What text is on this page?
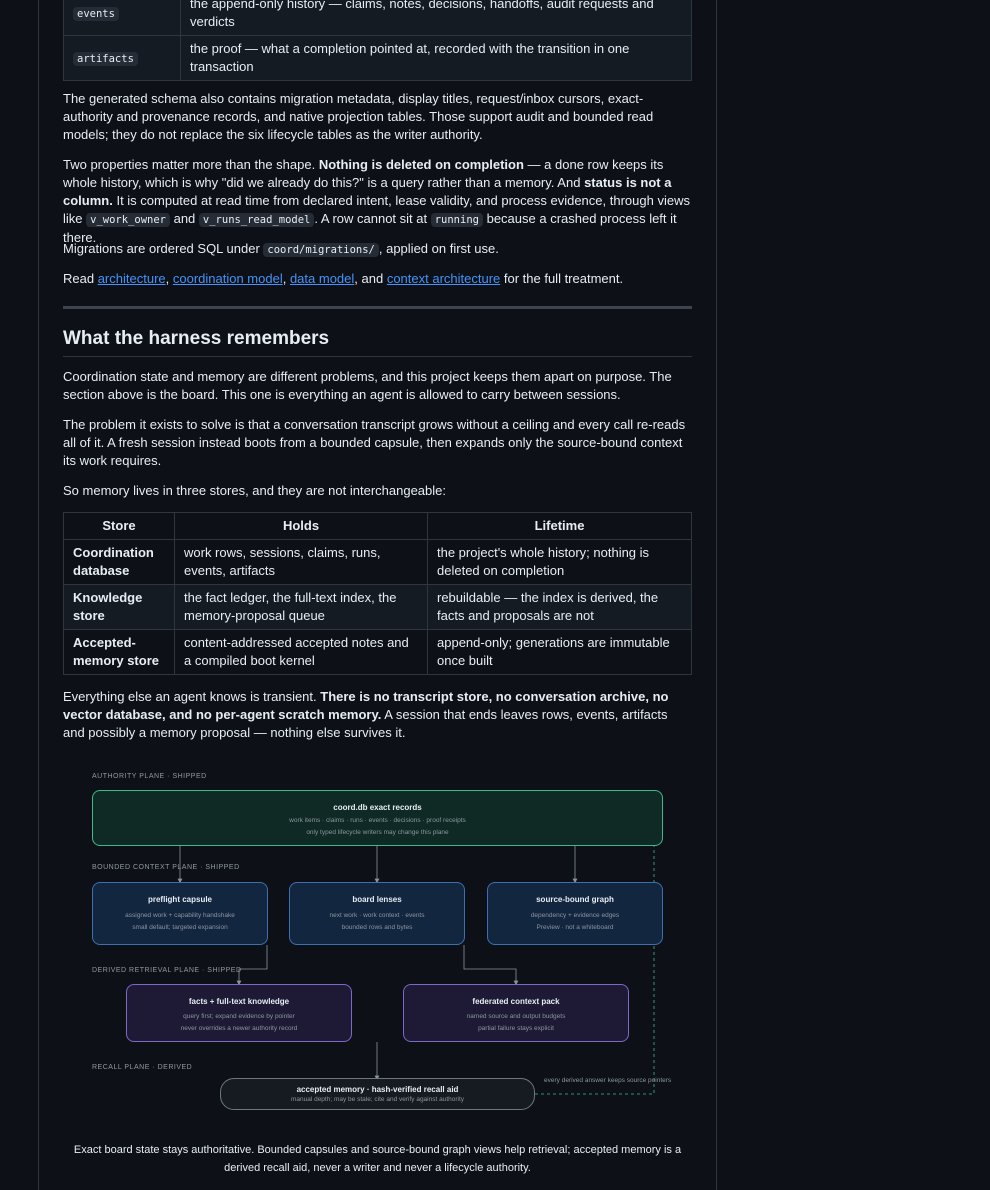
events	the append-only history — claims, notes, decisions, handoffs, audit requests and verdicts
artifacts	the proof — what a completion pointed at, recorded with the transition in one transaction

The generated schema also contains migration metadata, display titles, request/inbox cursors, exact-authority and provenance records, and native projection tables. Those support audit and bounded read models; they do not replace the six lifecycle tables as the writer authority.

Two properties matter more than the shape. Nothing is deleted on completion — a done row keeps its whole history, which is why "did we already do this?" is a query rather than a memory. And status is not a column. It is computed at read time from declared intent, lease validity, and process evidence, through views like v_work_owner and v_runs_read_model . A row cannot sit at running because a crashed process left it there.

Migrations are ordered SQL under coord/migrations/ , applied on first use.

Read architecture, coordination model, data model, and context architecture for the full treatment.

What the harness remembers

Coordination state and memory are different problems, and this project keeps them apart on purpose. The section above is the board. This one is everything an agent is allowed to carry between sessions.

The problem it exists to solve is that a conversation transcript grows without a ceiling and every call re-reads all of it. A fresh session instead boots from a bounded capsule, then expands only the source-bound context its work requires.

So memory lives in three stores, and they are not interchangeable:

Store	Holds	Lifetime
Coordination database	work rows, sessions, claims, runs, events, artifacts	the project's whole history; nothing is deleted on completion
Knowledge store	the fact ledger, the full-text index, the memory-proposal queue	rebuildable — the index is derived, the facts and proposals are not
Accepted-memory store	content-addressed accepted notes and a compiled boot kernel	append-only; generations are immutable once built

Everything else an agent knows is transient. There is no transcript store, no conversation archive, no vector database, and no per-agent scratch memory. A session that ends leaves rows, events, artifacts and possibly a memory proposal — nothing else survives it.

AUTHORITY PLANE · SHIPPED
coord.db exact records
work items · claims · runs · events · decisions · proof receipts
only typed lifecycle writers may change this plane
BOUNDED CONTEXT PLANE · SHIPPED
preflight capsule
assigned work + capability handshake
small default; targeted expansion
board lenses
next work · work context · events
bounded rows and bytes
source-bound graph
dependency + evidence edges
Preview · not a whiteboard
DERIVED RETRIEVAL PLANE · SHIPPED
facts + full-text knowledge
query first; expand evidence by pointer
never overrides a newer authority record
federated context pack
named source and output budgets
partial failure stays explicit
RECALL PLANE · DERIVED
accepted memory · hash-verified recall aid
manual depth; may be stale; cite and verify against authority
every derived answer keeps source pointers

Exact board state stays authoritative. Bounded capsules and source-bound graph views help retrieval; accepted memory is a derived recall aid, never a writer and never a lifecycle authority.
